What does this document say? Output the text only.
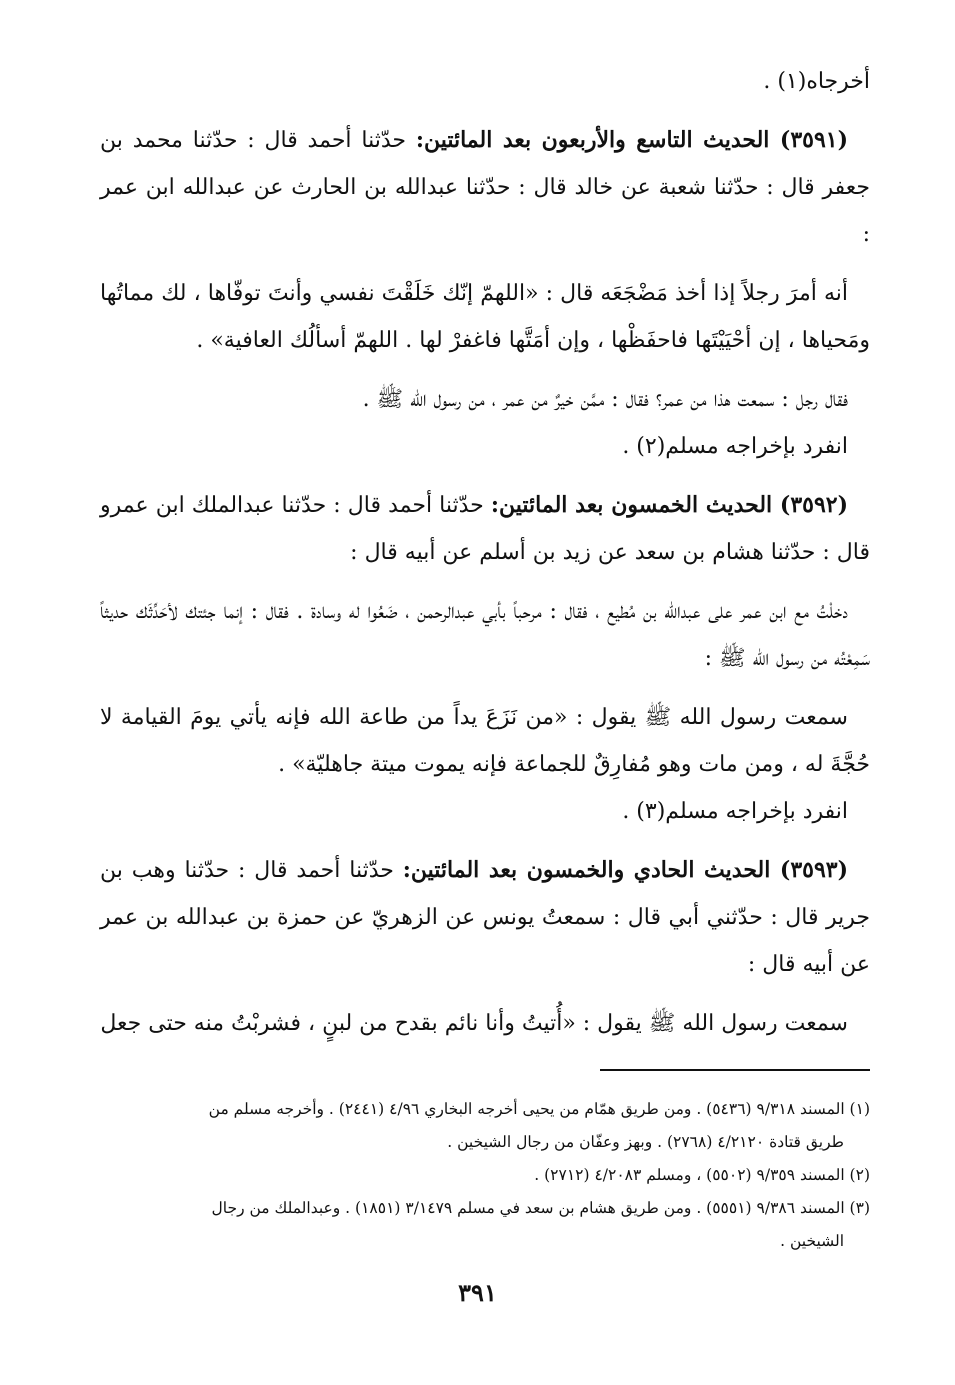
أخرجاه(١) .

(٣٥٩١) الحديث التاسع والأربعون بعد المائتين: حدّثنا أحمد قال : حدّثنا محمد بن جعفر قال : حدّثنا شعبة عن خالد قال : حدّثنا عبدالله بن الحارث عن عبدالله ابن عمر :

أنه أمرَ رجلاً إذا أخذ مَضْجَعَه قال : «اللهمّ إنّك خَلَقْتَ نفسي وأنتَ توفّاها ، لك مماتُها ومَحياها ، إن أحْيَيْتَها فاحفَظْها ، وإن أمَتَّها فاغفرْ لها . اللهمّ أسألُك العافية» .

فقال رجل : سمعت هذا من عمر؟ فقال : ممَّن خيرٌ من عمر ، من رسول الله ﷺ .

انفرد بإخراجه مسلم(٢) .

(٣٥٩٢) الحديث الخمسون بعد المائتين: حدّثنا أحمد قال : حدّثنا عبدالملك ابن عمرو قال : حدّثنا هشام بن سعد عن زيد بن أسلم عن أبيه قال :

دخلْتُ مع ابن عمر على عبدالله بن مُطيع ، فقال : مرحباً بأبي عبدالرحمن ، ضَعُوا له وسادة . فقال : إنما جئتك لأحَدِّثَك حديثاً سَمِعْتُه من رسول الله ﷺ :

سمعت رسول الله ﷺ يقول : «من نَزَعَ يداً من طاعة الله فإنه يأتي يومَ القيامة لا حُجَّةَ له ، ومن مات وهو مُفارِقٌ للجماعة فإنه يموت ميتة جاهليّة» .

انفرد بإخراجه مسلم(٣) .

(٣٥٩٣) الحديث الحادي والخمسون بعد المائتين: حدّثنا أحمد قال : حدّثنا وهب بن جرير قال : حدّثني أبي قال : سمعتُ يونس عن الزهريّ عن حمزة بن عبدالله بن عمر عن أبيه قال :

سمعت رسول الله ﷺ يقول : «أُتيتُ وأنا نائم بقدح من لبنٍ ، فشربْتُ منه حتى جعل

(١) المسند ٩/٣١٨ (٥٤٣٦) . ومن طريق همّام من يحيى أخرجه البخاري ٤/٩٦ (٢٤٤١) . وأخرجه مسلم من

طريق قتادة ٤/٢١٢٠ (٢٧٦٨) . وبهز وعفّان من رجال الشيخين .

(٢) المسند ٩/٣٥٩ (٥٥٠٢) ، ومسلم ٤/٢٠٨٣ (٢٧١٢) .

(٣) المسند ٩/٣٨٦ (٥٥٥١) . ومن طريق هشام بن سعد في مسلم ٣/١٤٧٩ (١٨٥١) . وعبدالملك من رجال

الشيخين .

٣٩١
